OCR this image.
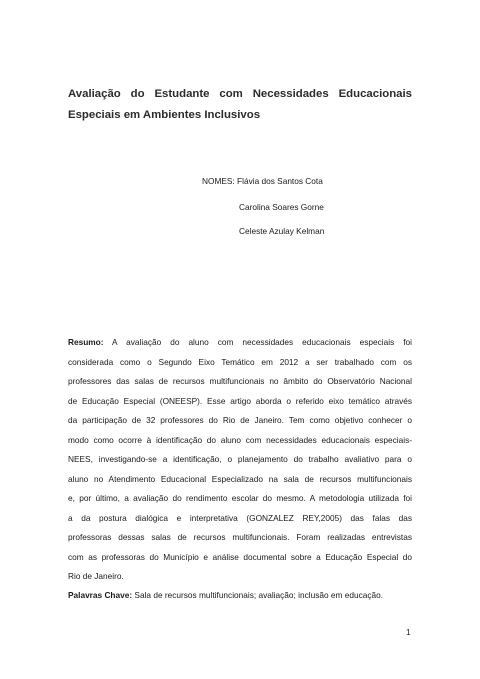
Avaliação do Estudante com Necessidades Educacionais
Especiais em Ambientes Inclusivos
NOMES: Flávia dos Santos Cota
Carolina Soares Gorne
Celeste Azulay Kelman
Resumo: A avaliação do aluno com necessidades educacionais especiais foi
considerada como o Segundo Eixo Temático em 2012 a ser trabalhado com os
professores das salas de recursos multifuncionais no âmbito do Observatório Nacional
de Educação Especial (ONEESP). Esse artigo aborda o referido eixo temático através
da participação de 32 professores do Rio de Janeiro. Tem como objetivo conhecer o
modo como ocorre à identificação do aluno com necessidades educacionais especiais-
NEES, investigando-se a identificação, o planejamento do trabalho avaliativo para o
aluno no Atendimento Educacional Especializado na sala de recursos multifuncionais
e, por último, a avaliação do rendimento escolar do mesmo. A metodologia utilizada foi
a da postura dialógica e interpretativa (GONZALEZ REY,2005) das falas das
professoras dessas salas de recursos multifuncionais. Foram realizadas entrevistas
com as professoras do Município e análise documental sobre a Educação Especial do
Rio de Janeiro.
Palavras Chave: Sala de recursos multifuncionais; avaliação; inclusão em educação.
1
